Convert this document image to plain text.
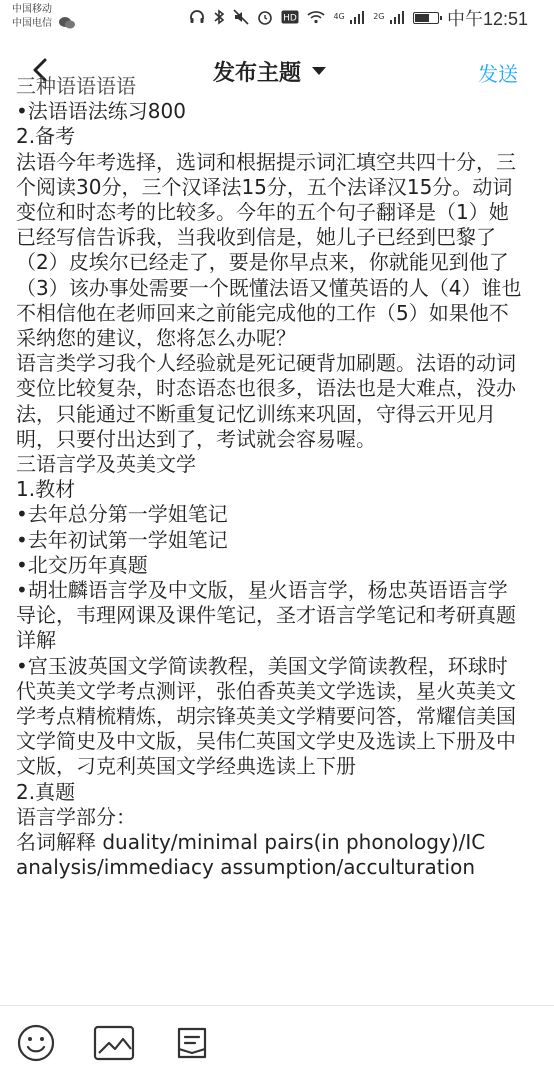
中国移动
中国电信	HD	$^{4G}$	$^{2G}$	中午12:51
发布主题	发送
三种语语语语
•法语语法练习800
2.备考
法语今年考选择，选词和根据提示词汇填空共四十分，三个阅读30分，三个汉译法15分，五个法译汉15分。动词变位和时态考的比较多。今年的五个句子翻译是（1）她已经写信告诉我，当我收到信是，她儿子已经到巴黎了（2）皮埃尔已经走了，要是你早点来，你就能见到他了（3）该办事处需要一个既懂法语又懂英语的人（4）谁也不相信他在老师回来之前能完成他的工作（5）如果他不采纳您的建议，您将怎么办呢？
语言类学习我个人经验就是死记硬背加刷题。法语的动词变位比较复杂，时态语态也很多，语法也是大难点，没办法，只能通过不断重复记忆训练来巩固，守得云开见月明，只要付出达到了，考试就会容易喔。
三语言学及英美文学
1.教材
•去年总分第一学姐笔记
•去年初试第一学姐笔记
•北交历年真题
•胡壮麟语言学及中文版，星火语言学，杨忠英语语言学导论，韦理网课及课件笔记，圣才语言学笔记和考研真题详解
•宫玉波英国文学简读教程，美国文学简读教程，环球时代英美文学考点测评，张伯香英美文学选读，星火英美文学考点精梳精炼，胡宗锋英美文学精要问答，常耀信美国文学简史及中文版，吴伟仁英国文学史及选读上下册及中文版，刁克利英国文学经典选读上下册
2.真题
语言学部分：
名词解释 duality/minimal pairs(in phonology)/IC analysis/immediacy assumption/acculturation
